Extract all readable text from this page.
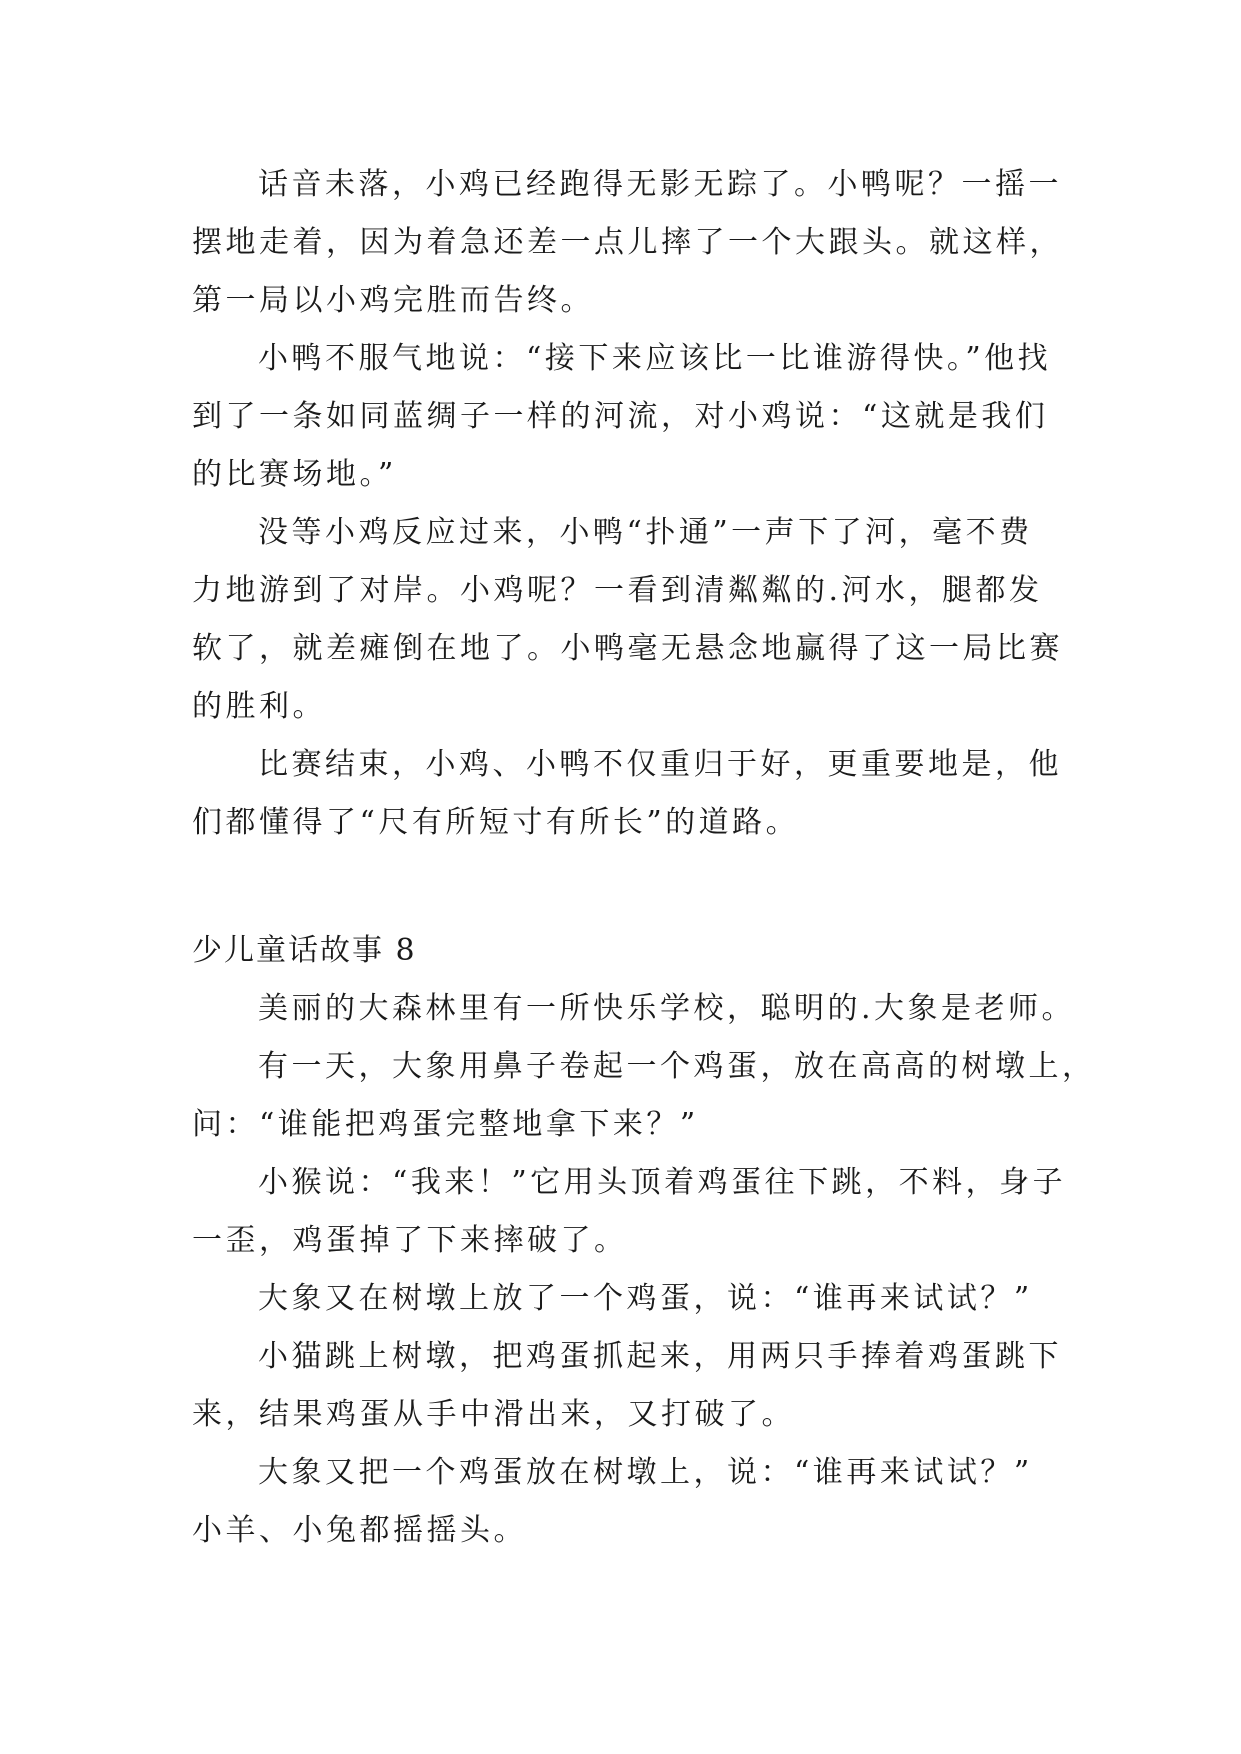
话音未落，小鸡已经跑得无影无踪了。小鸭呢？一摇一
摆地走着，因为着急还差一点儿摔了一个大跟头。就这样，
第一局以小鸡完胜而告终。
小鸭不服气地说：“接下来应该比一比谁游得快。”他找
到了一条如同蓝绸子一样的河流，对小鸡说：“这就是我们
的比赛场地。”
没等小鸡反应过来，小鸭“扑通”一声下了河，毫不费
力地游到了对岸。小鸡呢？一看到清粼粼的.河水，腿都发
软了，就差瘫倒在地了。小鸭毫无悬念地赢得了这一局比赛
的胜利。
比赛结束，小鸡、小鸭不仅重归于好，更重要地是，他
们都懂得了“尺有所短寸有所长”的道路。
少儿童话故事 8
美丽的大森林里有一所快乐学校，聪明的.大象是老师。
有一天，大象用鼻子卷起一个鸡蛋，放在高高的树墩上，
问：“谁能把鸡蛋完整地拿下来？”
小猴说：“我来！”它用头顶着鸡蛋往下跳，不料，身子
一歪，鸡蛋掉了下来摔破了。
大象又在树墩上放了一个鸡蛋，说：“谁再来试试？”
小猫跳上树墩，把鸡蛋抓起来，用两只手捧着鸡蛋跳下
来，结果鸡蛋从手中滑出来，又打破了。
大象又把一个鸡蛋放在树墩上，说：“谁再来试试？”
小羊、小兔都摇摇头。
